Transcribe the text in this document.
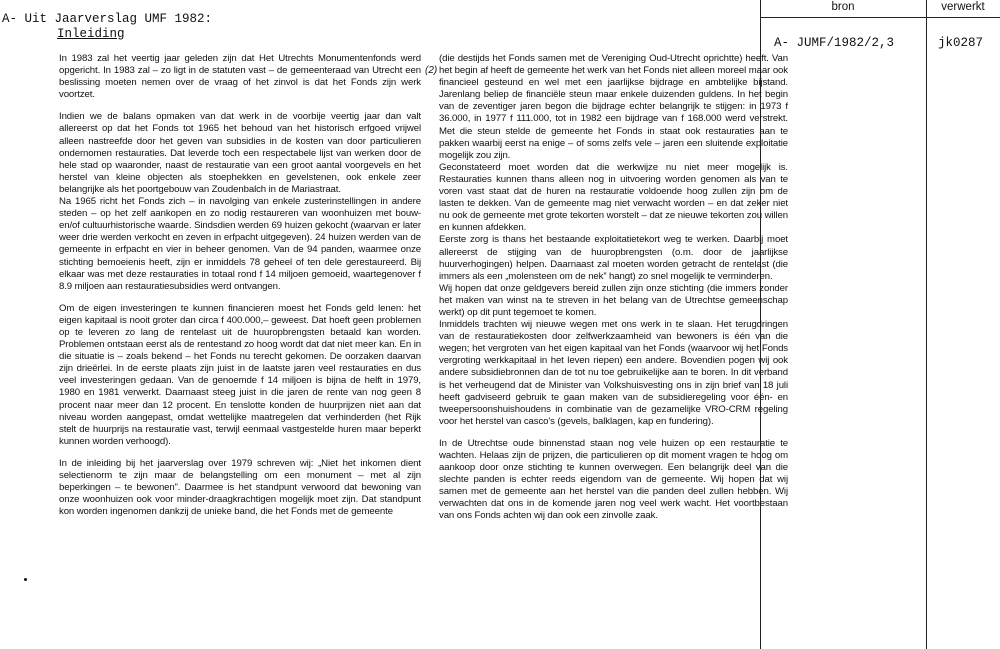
A- Uit Jaarverslag UMF 1982:
Inleiding
bron	verwerkt
A- JUMF/1982/2,3	jk0287
(2)

In 1983 zal het veertig jaar geleden zijn dat Het Utrechts Monumentenfonds werd opgericht. In 1983 zal – zo ligt in de statuten vast – de gemeenteraad van Utrecht een beslissing moeten nemen over de vraag of het zinvol is dat het Fonds zijn werk voortzet.

Indien we de balans opmaken van dat werk in de voorbije veertig jaar dan valt allereerst op dat het Fonds tot 1965 het behoud van het historisch erfgoed vrijwel alleen nastreefde door het geven van subsidies in de kosten van door particulieren ondernomen restauraties. Dat leverde toch een respectabele lijst van werken door de hele stad op waaronder, naast de restauratie van een groot aantal voorgevels en het herstel van kleine objecten als stoephekken en gevelstenen, ook enkele zeer belangrijke als het poortgebouw van Zoudenbalch in de Mariastraat.

Na 1965 richt het Fonds zich – in navolging van enkele zusterinstellingen in andere steden – op het zelf aankopen en zo nodig restaureren van woonhuizen met bouw- en/of cultuurhistorische waarde. Sindsdien werden 69 huizen gekocht (waarvan er later weer drie werden verkocht en zeven in erfpacht uitgegeven). 24 huizen werden van de gemeente in erfpacht en vier in beheer genomen. Van de 94 panden, waarmee onze stichting bemoeienis heeft, zijn er inmiddels 78 geheel of ten dele gerestaureerd. Bij elkaar was met deze restauraties in totaal rond f 14 miljoen gemoeid, waartegenover f 8.9 miljoen aan restauratiesubsidies werd ontvangen.

Om de eigen investeringen te kunnen financieren moest het Fonds geld lenen: het eigen kapitaal is nooit groter dan circa f 400.000,– geweest. Dat hoeft geen problemen op te leveren zo lang de rentelast uit de huuropbrengsten betaald kan worden. Problemen ontstaan eerst als de rentestand zo hoog wordt dat dat niet meer kan. En in die situatie is – zoals bekend – het Fonds nu terecht gekomen. De oorzaken daarvan zijn drieërlei. In de eerste plaats zijn juist in de laatste jaren veel restauraties en dus veel investeringen gedaan. Van de genoemde f 14 miljoen is bijna de helft in 1979, 1980 en 1981 verwerkt. Daarnaast steeg juist in die jaren de rente van nog geen 8 procent naar meer dan 12 procent. En tenslotte konden de huurprijzen niet aan dat niveau worden aangepast, omdat wettelijke maatregelen dat verhinderden (het Rijk stelt de huurprijs na restauratie vast, terwijl eenmaal vastgestelde huren maar beperkt kunnen worden verhoogd).

In de inleiding bij het jaarverslag over 1979 schreven wij: „Niet het inkomen dient selectienorm te zijn maar de belangstelling om een monument – met al zijn beperkingen – te bewonen”. Daarmee is het standpunt verwoord dat bewoning van onze woonhuizen ook voor minder-draagkrachtigen mogelijk moet zijn. Dat standpunt kon worden ingenomen dankzij de unieke band, die het Fonds met de gemeente

(die destijds het Fonds samen met de Vereniging Oud-Utrecht oprichtte) heeft. Van het begin af heeft de gemeente het werk van het Fonds niet alleen moreel maar ook financieel gesteund en wel met een jaarlijkse bijdrage en ambtelijke bijstand. Jarenlang beliep de financiële steun maar enkele duizenden guldens. In het begin van de zeventiger jaren begon die bijdrage echter belangrijk te stijgen: in 1973 f 36.000, in 1977 f 111.000, tot in 1982 een bijdrage van f 168.000 werd verstrekt. Met die steun stelde de gemeente het Fonds in staat ook restauraties aan te pakken waarbij eerst na enige – of soms zelfs vele – jaren een sluitende exploitatie mogelijk zou zijn.

Geconstateerd moet worden dat die werkwijze nu niet meer mogelijk is. Restauraties kunnen thans alleen nog in uitvoering worden genomen als van te voren vast staat dat de huren na restauratie voldoende hoog zullen zijn om de lasten te dekken. Van de gemeente mag niet verwacht worden – en dat zeker niet nu ook de gemeente met grote tekorten worstelt – dat ze nieuwe tekorten zou willen en kunnen afdekken.

Eerste zorg is thans het bestaande exploitatietekort weg te werken. Daarbij moet allereerst de stijging van de huuropbrengsten (o.m. door de jaarlijkse huurverhogingen) helpen. Daarnaast zal moeten worden getracht de rentelast (die immers als een „molensteen om de nek” hangt) zo snel mogelijk te verminderen.

Wij hopen dat onze geldgevers bereid zullen zijn onze stichting (die immers zonder het maken van winst na te streven in het belang van de Utrechtse gemeenschap werkt) op dit punt tegemoet te komen.

Inmiddels trachten wij nieuwe wegen met ons werk in te slaan. Het terugdringen van de restauratiekosten door zelfwerkzaamheid van bewoners is één van die wegen; het vergroten van het eigen kapitaal van het Fonds (waarvoor wij het Fonds vergroting werkkapitaal in het leven riepen) een andere. Bovendien pogen wij ook andere subsidiebronnen dan de tot nu toe gebruikelijke aan te boren. In dit verband is het verheugend dat de Minister van Volkshuisvesting ons in zijn brief van 18 juli heeft gadviseerd gebruik te gaan maken van de subsidieregeling voor één- en tweepersoonshuishoudens in combinatie van de gezamelijke VRO-CRM regeling voor het herstel van casco's (gevels, balklagen, kap en fundering).

In de Utrechtse oude binnenstad staan nog vele huizen op een restauratie te wachten. Helaas zijn de prijzen, die particulieren op dit moment vragen te hoog om aankoop door onze stichting te kunnen overwegen. Een belangrijk deel van die slechte panden is echter reeds eigendom van de gemeente. Wij hopen dat wij samen met de gemeente aan het herstel van die panden deel zullen hebben. Wij verwachten dat ons in de komende jaren nog veel werk wacht. Het voortbestaan van ons Fonds achten wij dan ook een zinvolle zaak.
